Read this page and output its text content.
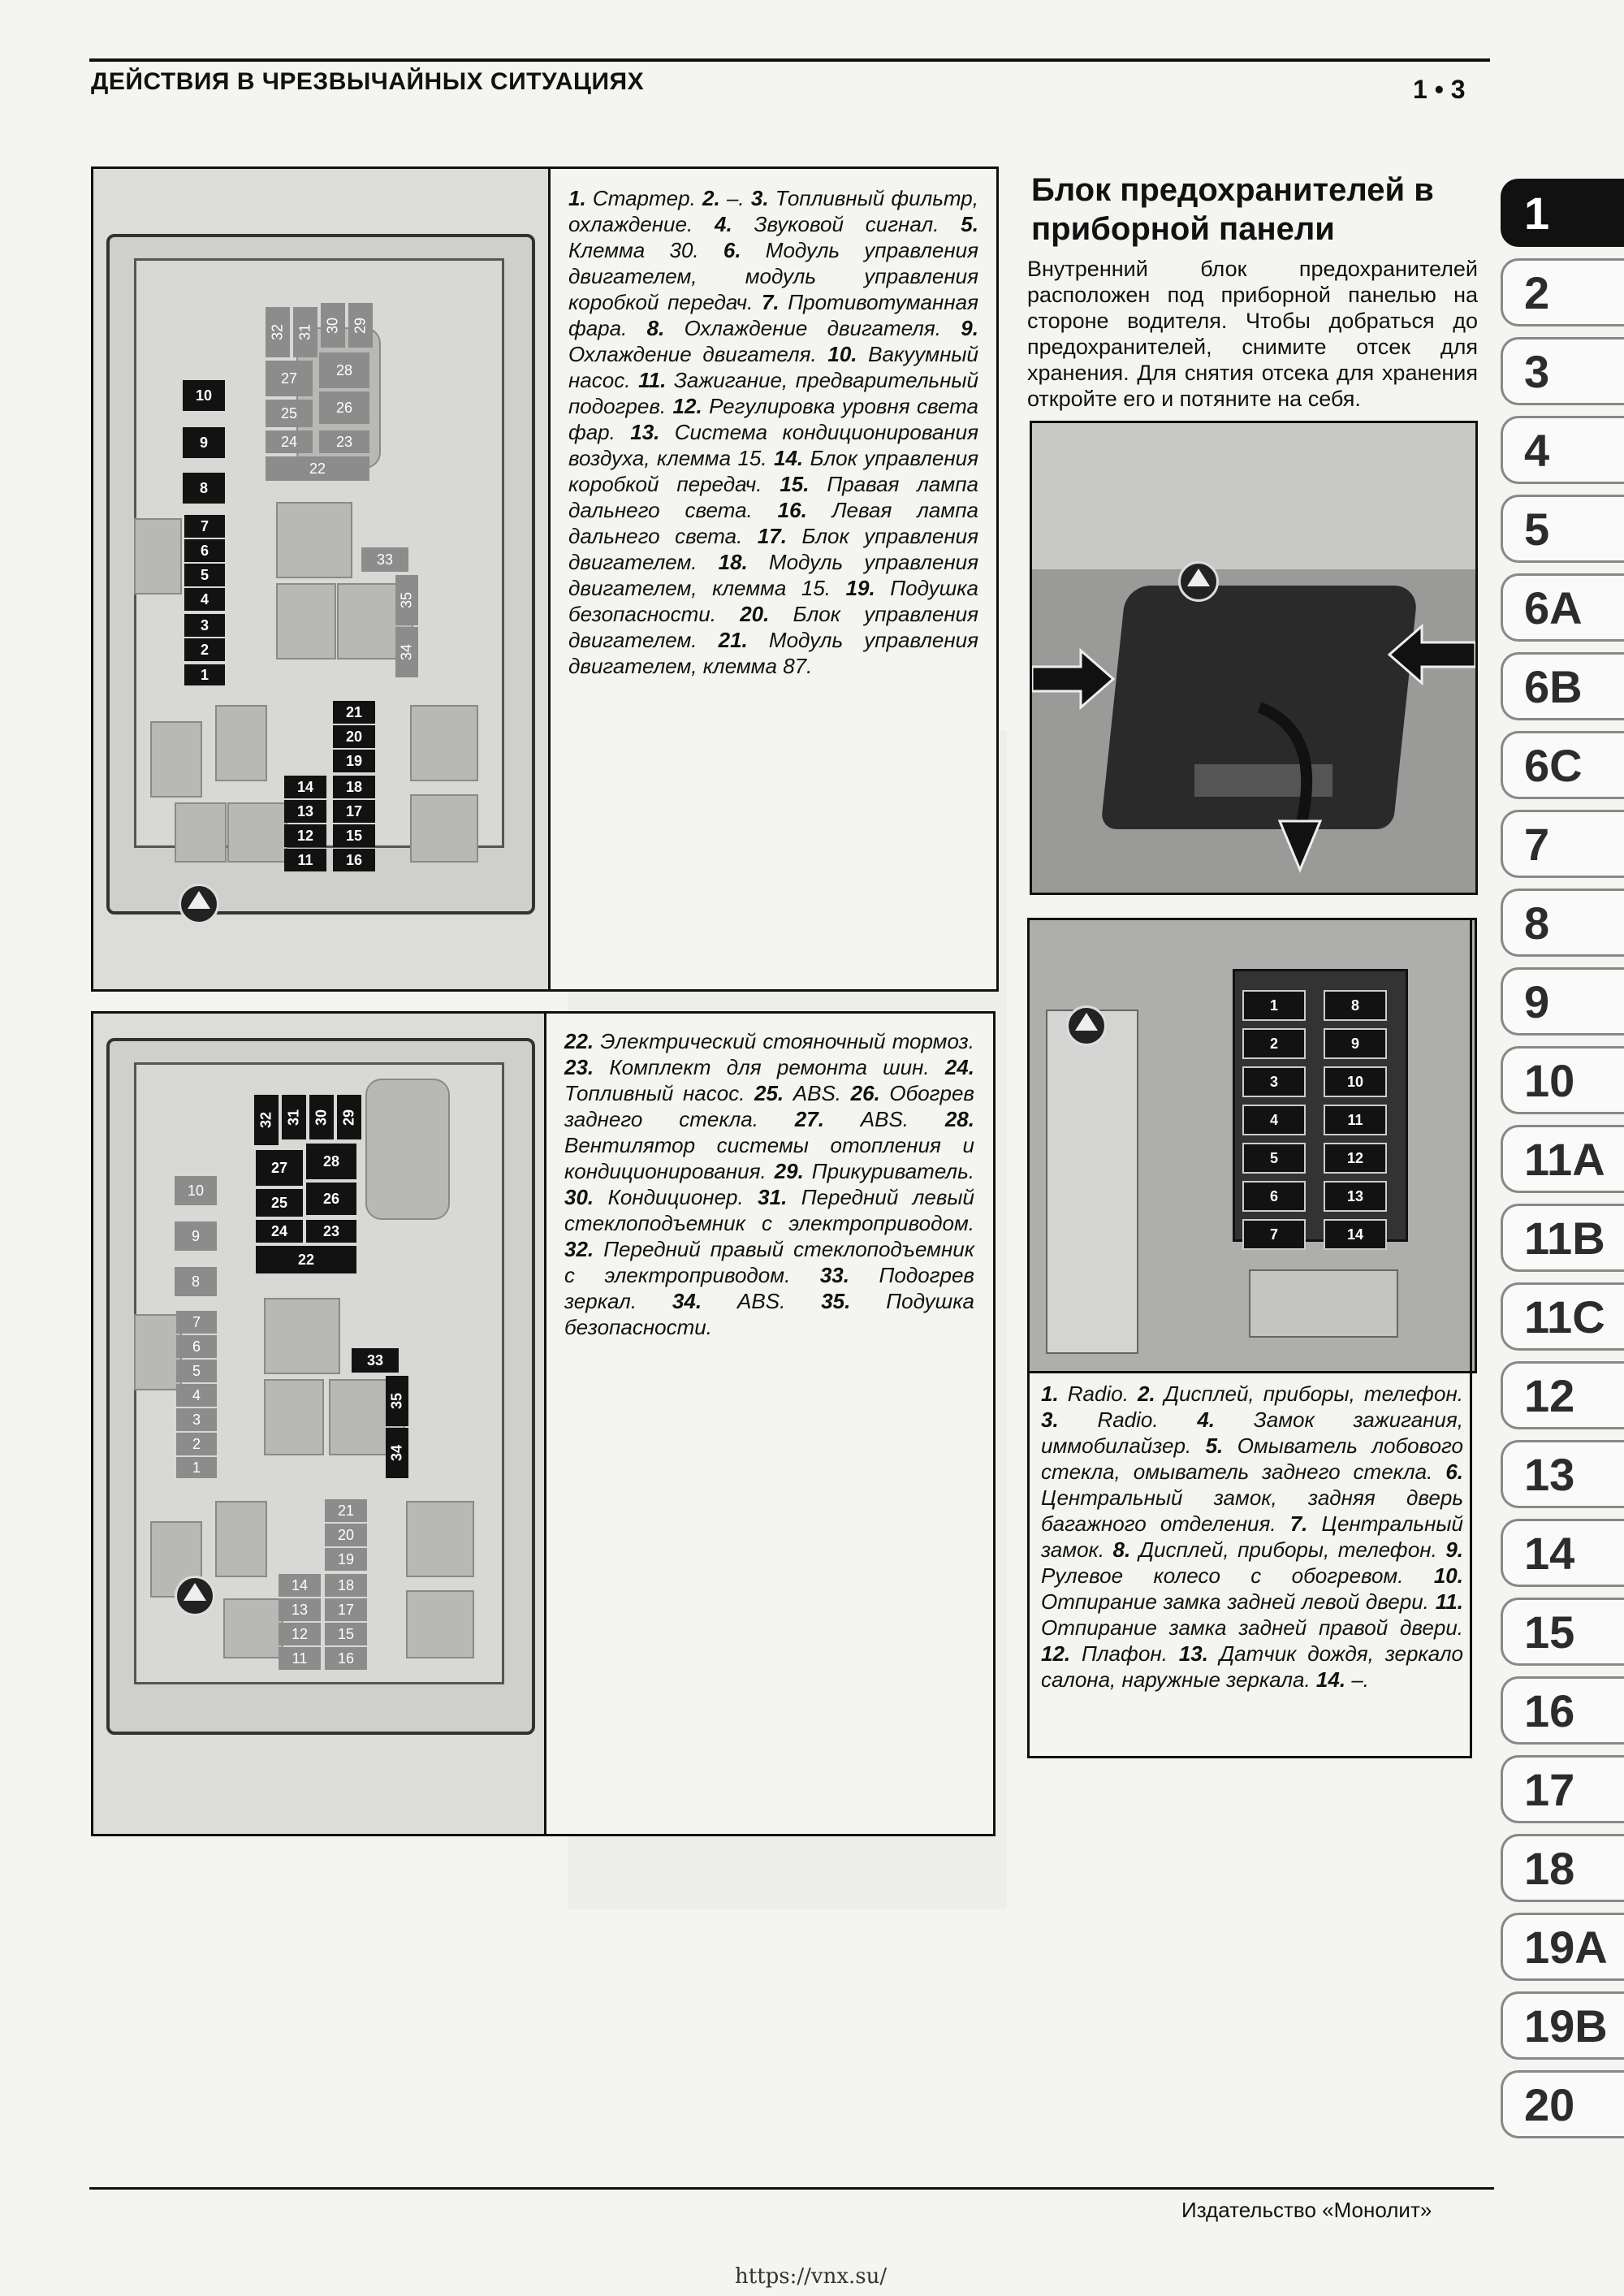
ДЕЙСТВИЯ В ЧРЕЗВЫЧАЙНЫХ СИТУАЦИЯХ	1 • 3
10
9
8
7
6
5
4
3
2
1
32 31 30 29
27	28
25	26
24	23
22
33
35
34
21
20
19
14	18
13	17
12	15
11	16
1. Стартер. 2. –. 3. Топливный фильтр, охлаждение. 4. Звуковой сигнал. 5. Клемма 30. 6. Модуль управления двигателем, модуль управления коробкой передач. 7. Противотуманная фара. 8. Охлаждение двигателя. 9. Охлаждение двигателя. 10. Вакуумный насос. 11. Зажигание, предварительный подогрев. 12. Регулировка уровня света фар. 13. Система кондиционирования воздуха, клемма 15. 14. Блок управления коробкой передач. 15. Правая лампа дальнего света. 16. Левая лампа дальнего света. 17. Блок управления двигателем. 18. Модуль управления двигателем, клемма 15. 19. Подушка безопасности. 20. Блок управления двигателем. 21. Модуль управления двигателем, клемма 87.
10
9
8
7
6
5
4
3
2
1
32 31 30 29
27	28
25	26
24	23
22
33
35
34
21
20
19
14	18
13	17
12	15
11	16
22. Электрический стояночный тормоз. 23. Комплект для ремонта шин. 24. Топливный насос. 25. ABS. 26. Обогрев заднего стекла. 27. ABS. 28. Вентилятор системы отопления и кондиционирования. 29. Прикуриватель. 30. Кондиционер. 31. Передний левый стеклоподъемник с электроприводом. 32. Передний правый стеклоподъемник с электроприводом. 33. Подогрев зеркал. 34. ABS. 35. Подушка безопасности.
Блок предохранителей в приборной панели
Внутренний блок предохранителей расположен под приборной панелью на стороне водителя. Чтобы добраться до предохранителей, снимите отсек для хранения. Для снятия отсека для хранения откройте его и потяните на себя.
1	8
2	9
3	10
4	11
5	12
6	13
7	14
1. Radio. 2. Дисплей, приборы, телефон. 3. Radio. 4. Замок зажигания, иммобилайзер. 5. Омыватель лобового стекла, омыватель заднего стекла. 6. Центральный замок, задняя дверь багажного отделения. 7. Центральный замок. 8. Дисплей, приборы, телефон. 9. Рулевое колесо с обогревом. 10. Отпирание замка задней левой двери. 11. Отпирание замка задней правой двери. 12. Плафон. 13. Датчик дождя, зеркало салона, наружные зеркала. 14. –.
1
2
3
4
5
6A
6B
6C
7
8
9
10
11A
11B
11C
12
13
14
15
16
17
18
19A
19B
20
Издательство «Монолит»
https://vnx.su/
